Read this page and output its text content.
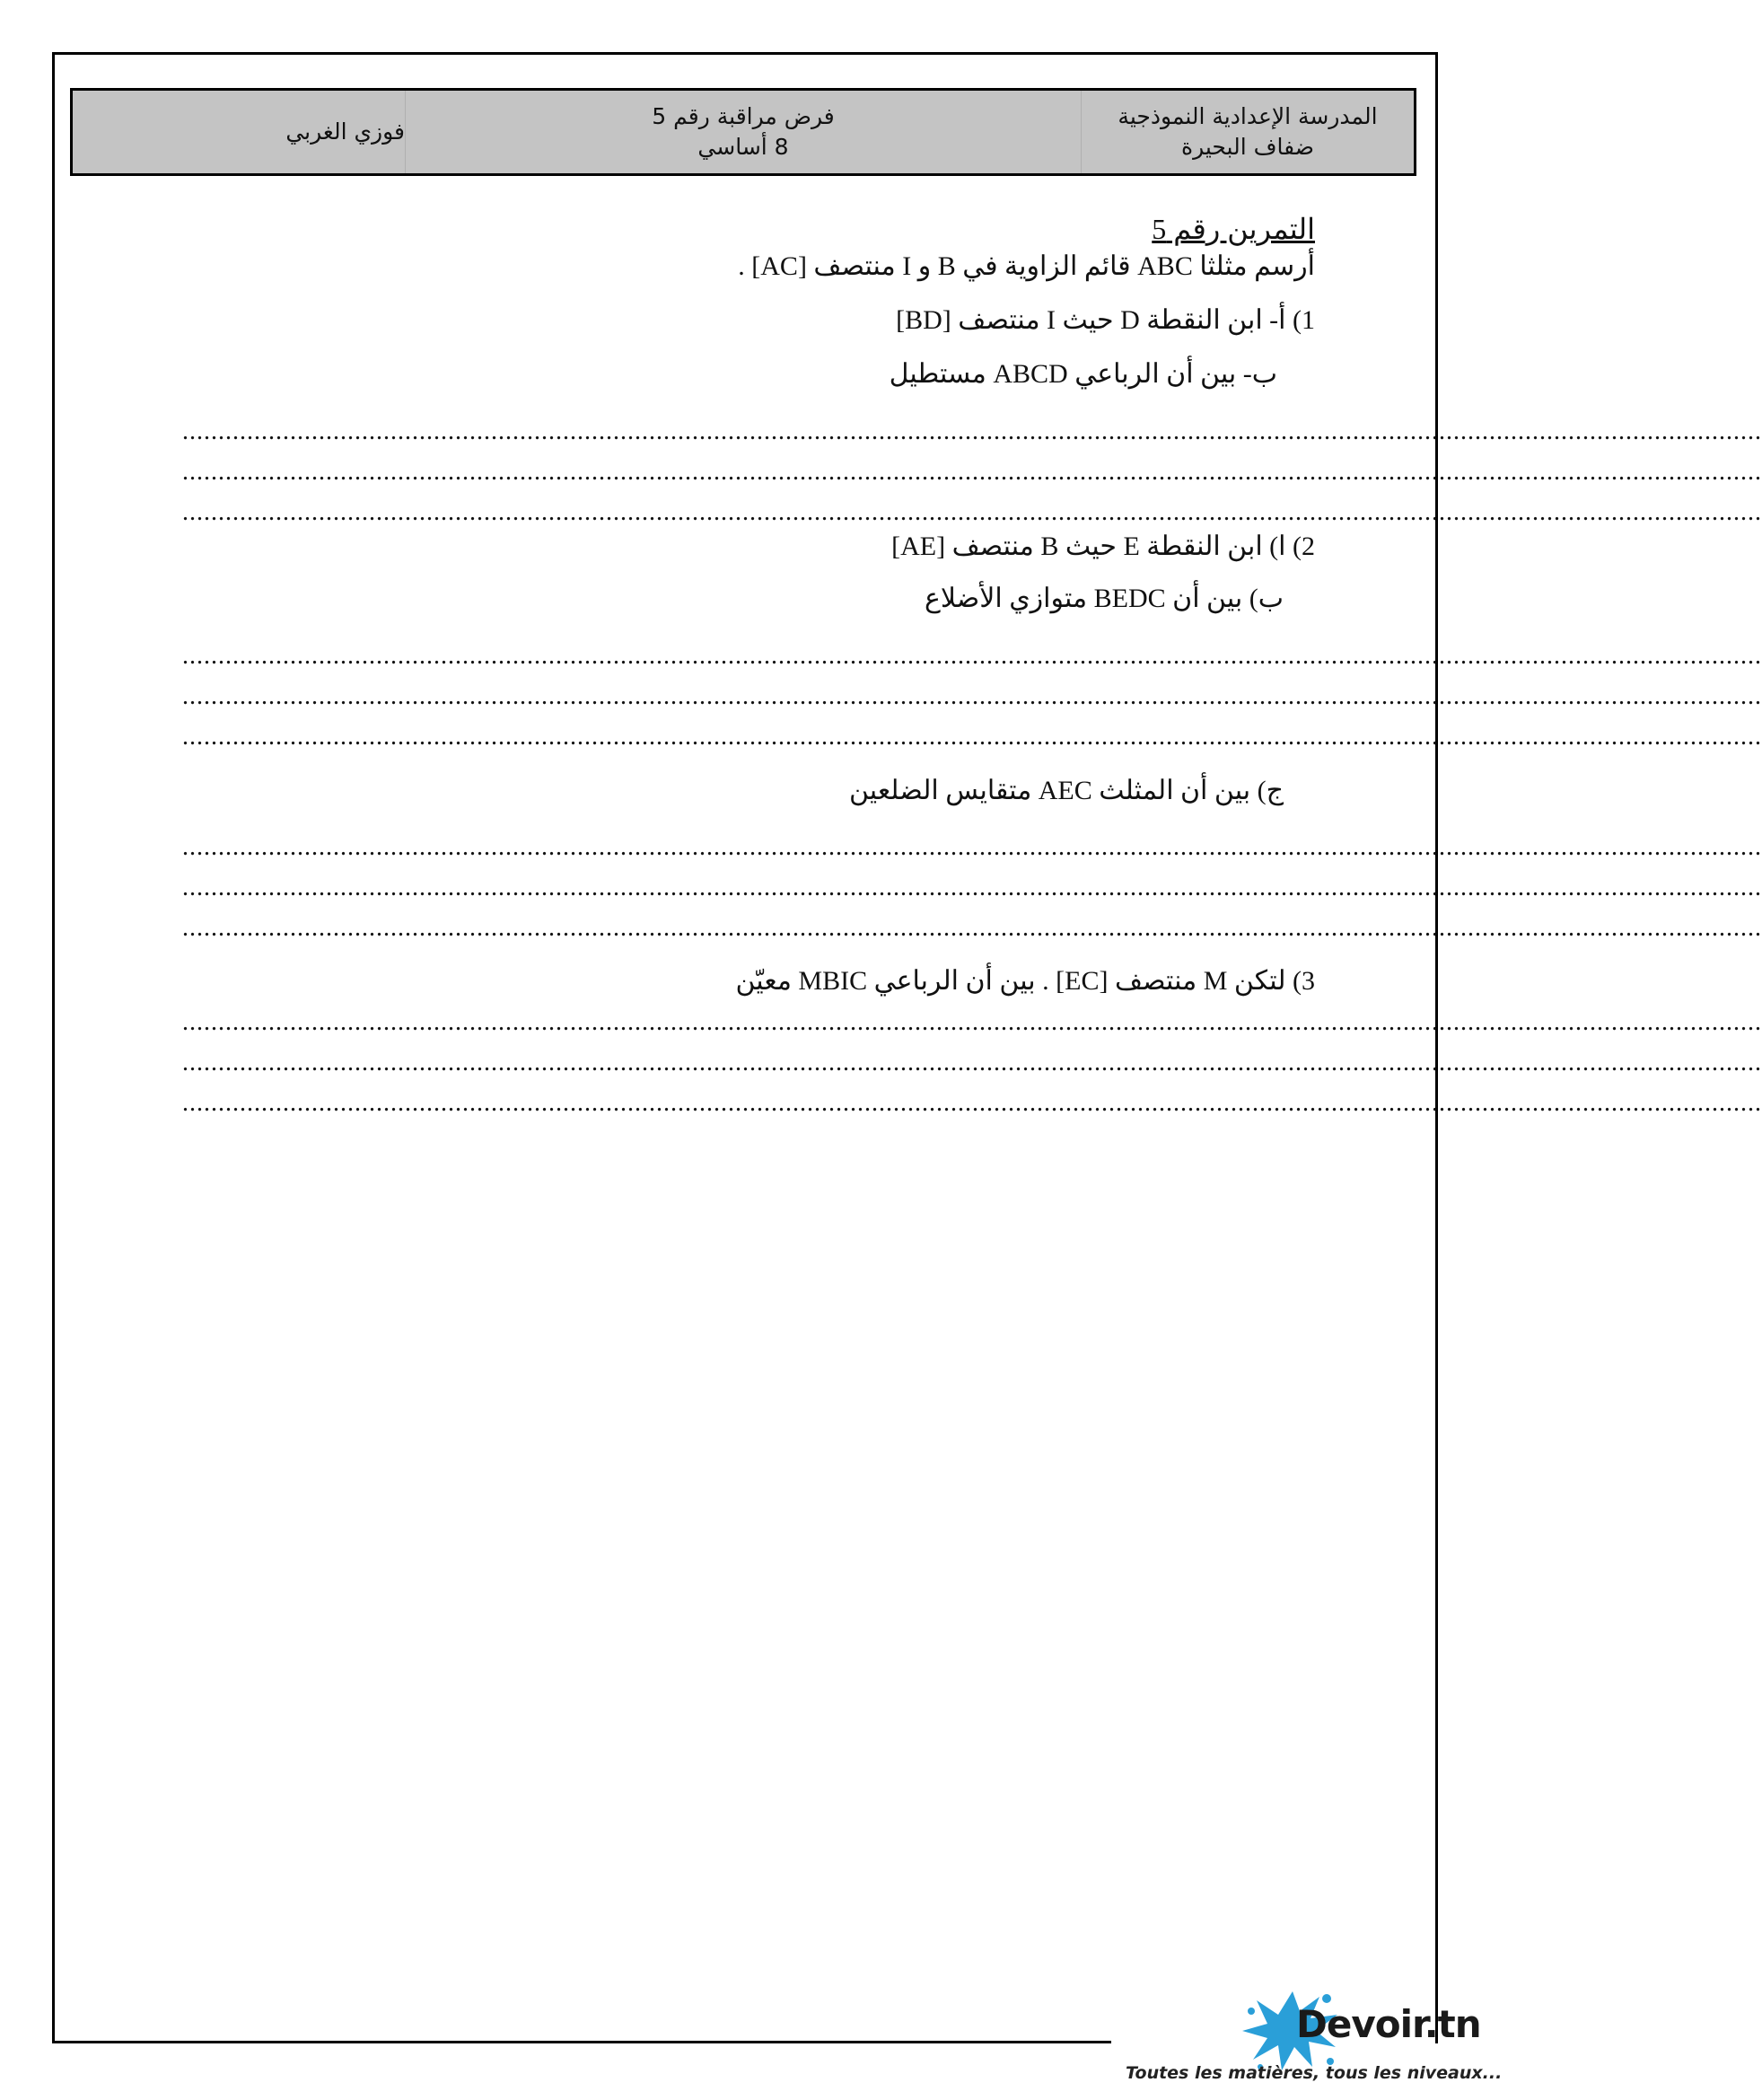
المدرسة الإعدادية النموذجية
ضفاف البحيرة
فرض مراقبة رقم 5
8 أساسي
فوزي الغربي
التمرين رقم 5
أرسم مثلثا ABC قائم الزاوية في B و I منتصف [AC] .
1) أ- ابن النقطة D حيث I منتصف [BD]
ب- بين أن الرباعي ABCD مستطيل
............................................................................................................................................................................................................................
............................................................................................................................................................................................................................
............................................................................................................................................................................................................................
2) ا) ابن النقطة E حيث B منتصف [AE]
ب) بين أن BEDC متوازي الأضلاع
............................................................................................................................................................................................................................
............................................................................................................................................................................................................................
............................................................................................................................................................................................................................
ج) بين أن المثلث AEC متقايس الضلعين
............................................................................................................................................................................................................................
............................................................................................................................................................................................................................
............................................................................................................................................................................................................................
3) لتكن M منتصف [EC] . بين أن الرباعي MBIC معيّن
............................................................................................................................................................................................................................
............................................................................................................................................................................................................................
............................................................................................................................................................................................................................
Devoir.tn
Toutes les matières, tous les niveaux...
